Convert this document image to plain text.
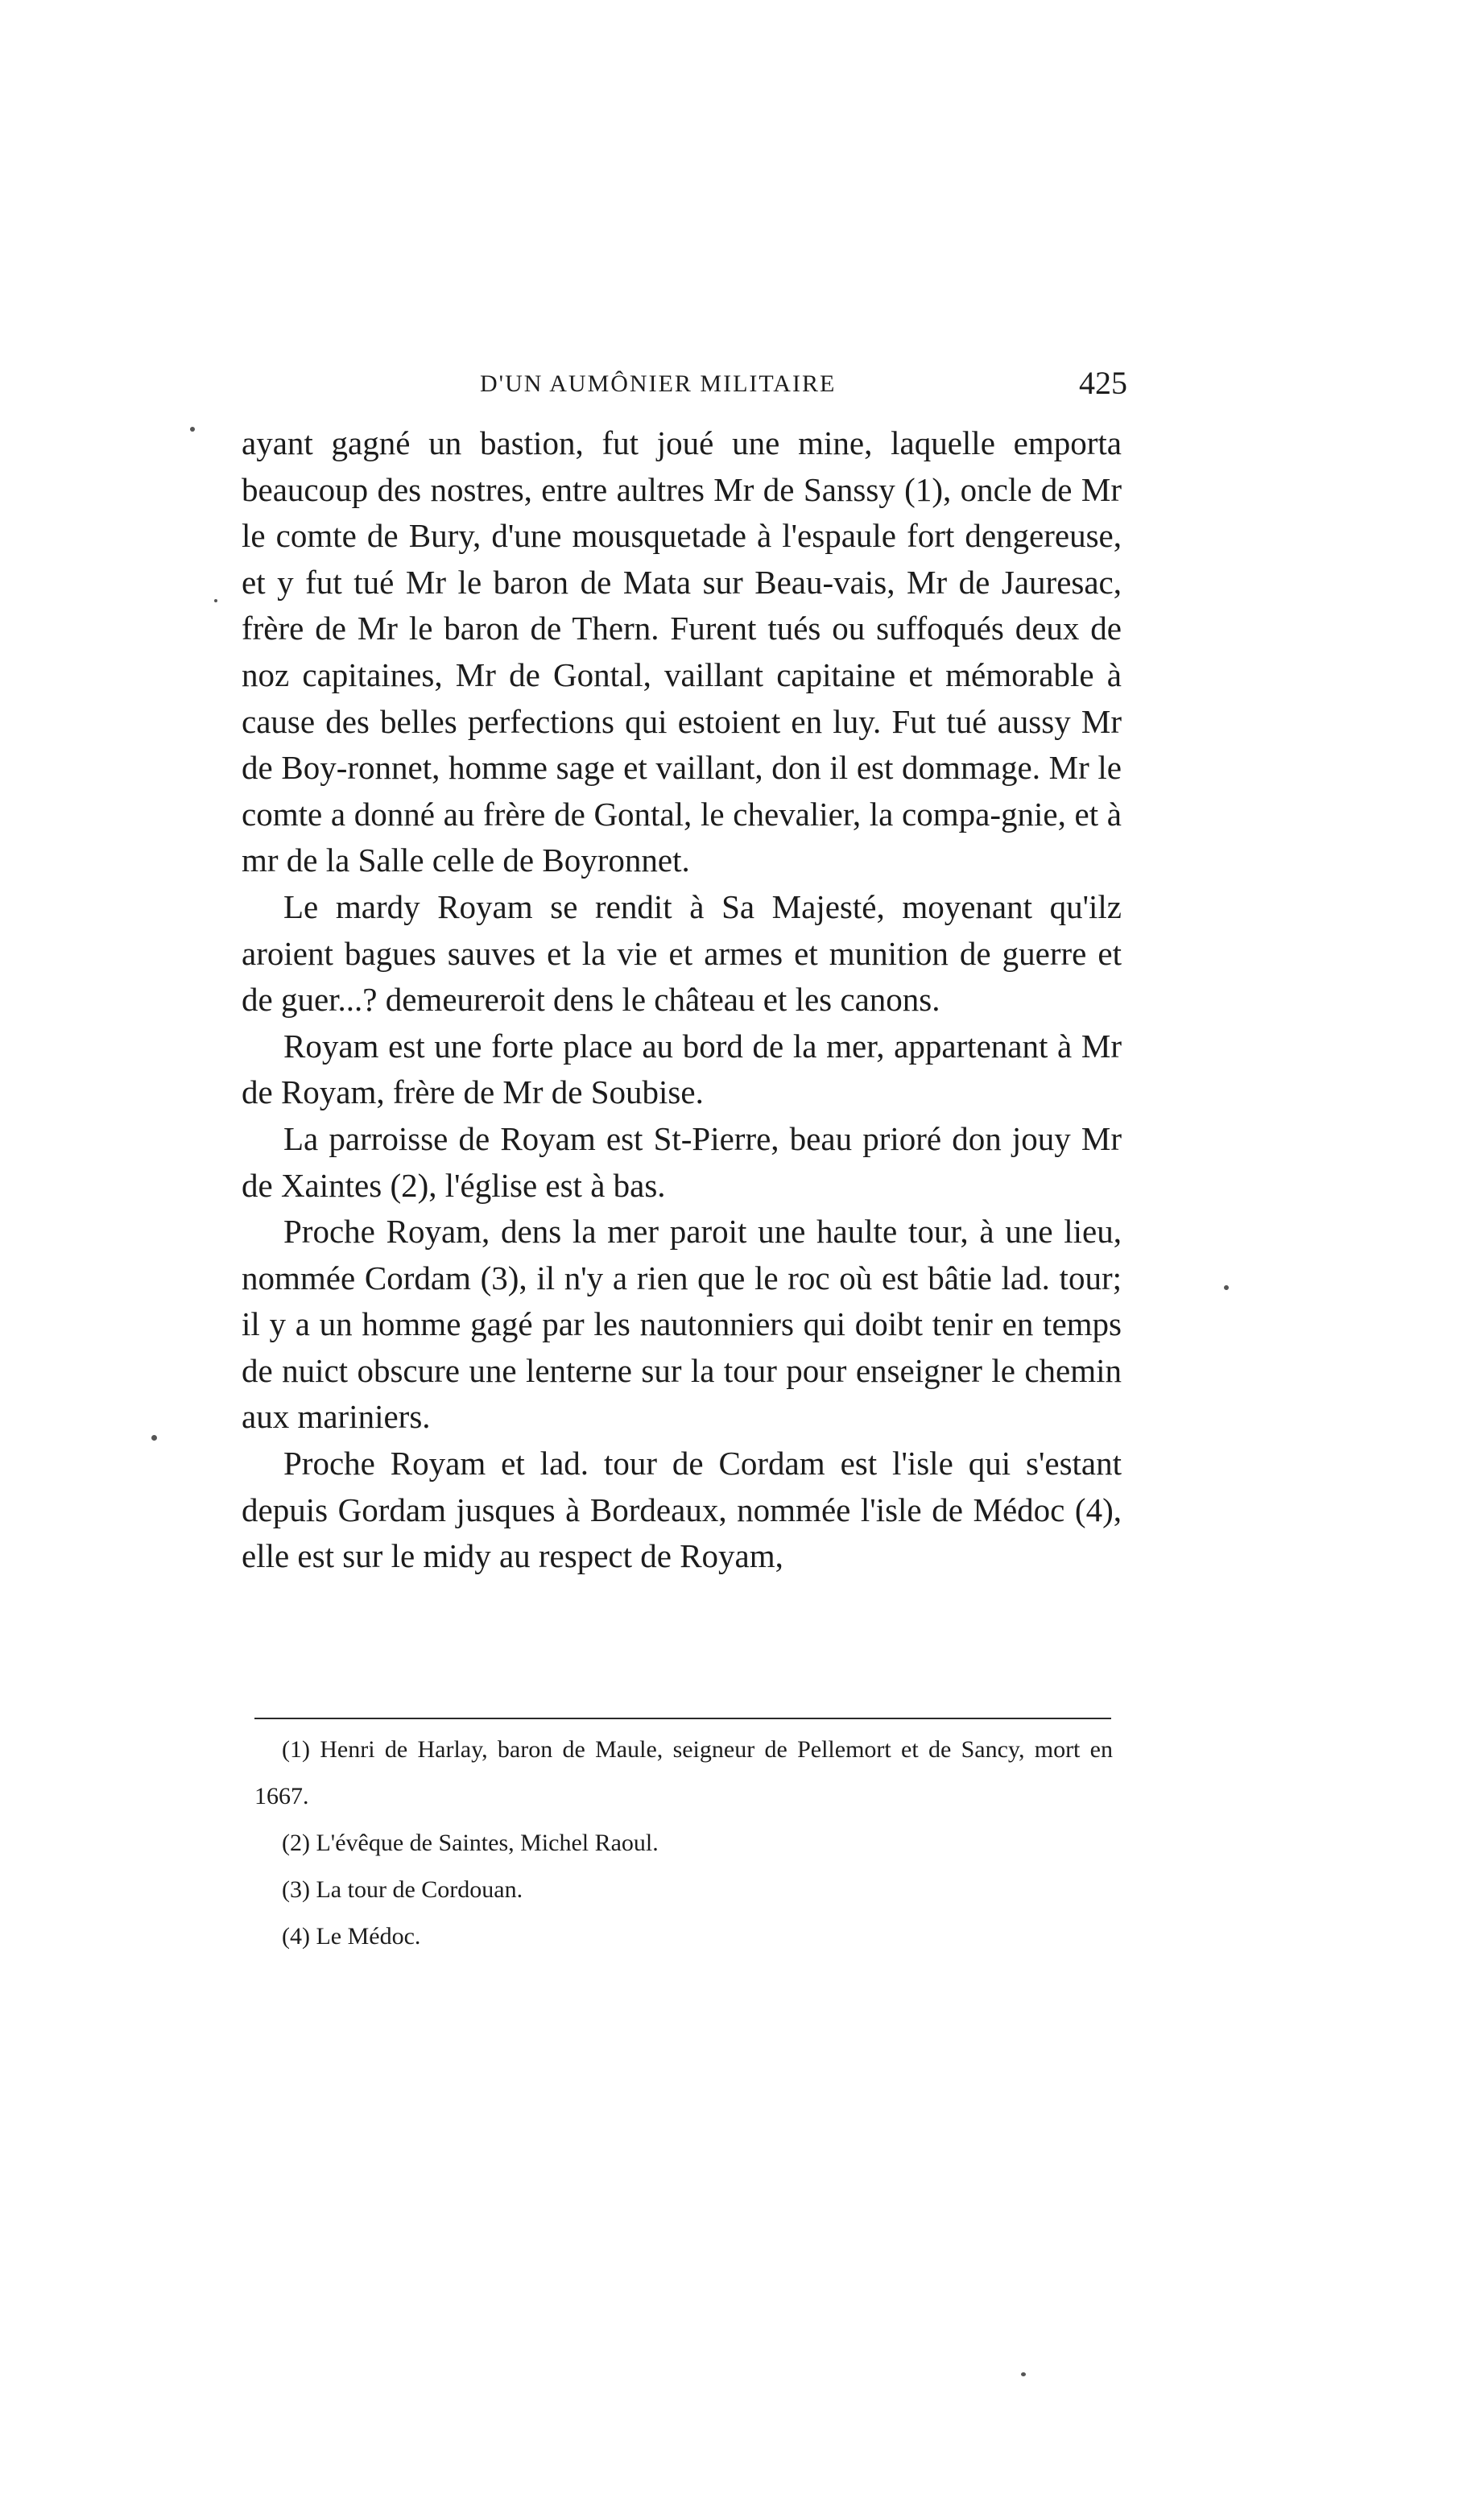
D'UN AUMÔNIER MILITAIRE	425

ayant gagné un bastion, fut joué une mine, laquelle emporta beaucoup des nostres, entre aultres Mr de Sanssy (1), oncle de Mr le comte de Bury, d'une mousquetade à l'espaule fort dengereuse, et y fut tué Mr le baron de Mata sur Beau-vais, Mr de Jauresac, frère de Mr le baron de Thern. Furent tués ou suffoqués deux de noz capitaines, Mr de Gontal, vaillant capitaine et mémorable à cause des belles perfections qui estoient en luy. Fut tué aussy Mr de Boy-ronnet, homme sage et vaillant, don il est dommage. Mr le comte a donné au frère de Gontal, le chevalier, la compa-gnie, et à mr de la Salle celle de Boyronnet.

Le mardy Royam se rendit à Sa Majesté, moyenant qu'ilz aroient bagues sauves et la vie et armes et munition de guerre et de guer...? demeureroit dens le château et les canons.

Royam est une forte place au bord de la mer, appartenant à Mr de Royam, frère de Mr de Soubise.

La parroisse de Royam est St-Pierre, beau prioré don jouy Mr de Xaintes (2), l'église est à bas.

Proche Royam, dens la mer paroit une haulte tour, à une lieu, nommée Cordam (3), il n'y a rien que le roc où est bâtie lad. tour; il y a un homme gagé par les nautonniers qui doibt tenir en temps de nuict obscure une lenterne sur la tour pour enseigner le chemin aux mariniers.

Proche Royam et lad. tour de Cordam est l'isle qui s'estant depuis Gordam jusques à Bordeaux, nommée l'isle de Médoc (4), elle est sur le midy au respect de Royam,

(1) Henri de Harlay, baron de Maule, seigneur de Pellemort et de Sancy, mort en 1667.

(2) L'évêque de Saintes, Michel Raoul.

(3) La tour de Cordouan.

(4) Le Médoc.
